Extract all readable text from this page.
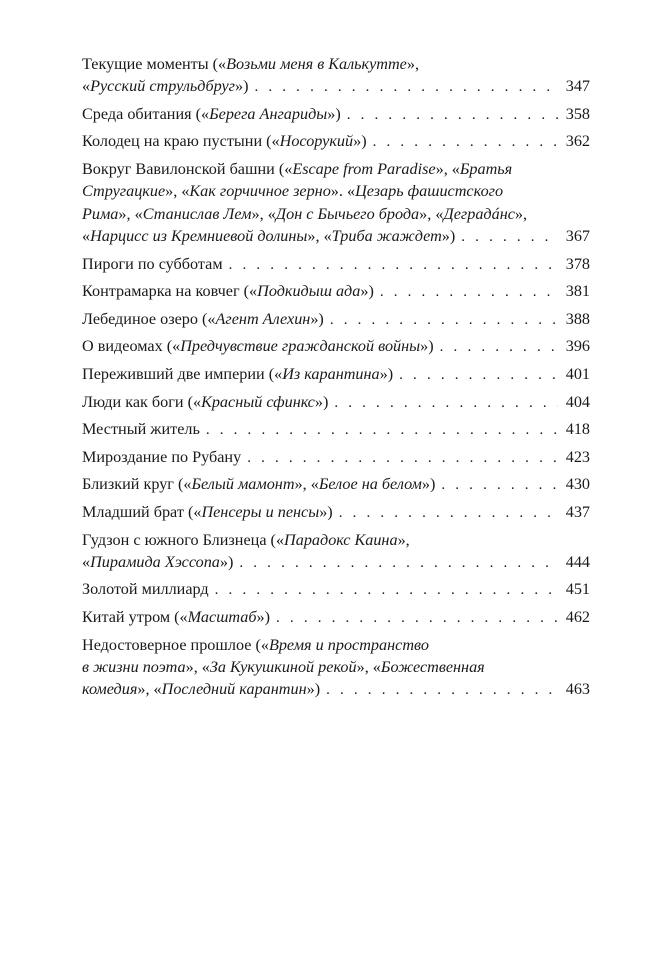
Текущие моменты («Возьми меня в Калькутте»,
«Русский струльдбруг») . . .	347
Среда обитания («Берега Ангариды») . . .	358
Колодец на краю пустыни («Носорукий») . . .	362
Вокруг Вавилонской башни («Escape from Paradise», «Братья
Стругацкие», «Как горчичное зерно». «Цезарь фашистского
Рима», «Станислав Лем», «Дон с Бычьего брода», «Деградáнс»,
«Нарцисс из Кремниевой долины», «Триба жаждет») . . .	367
Пироги по субботам . . .	378
Контрамарка на ковчег («Подкидыш ада») . . .	381
Лебединое озеро («Агент Алехин») . . .	388
О видеомах («Предчувствие гражданской войны») . . .	396
Переживший две империи («Из карантина») . . .	401
Люди как боги («Красный сфинкс») . . .	404
Местный житель . . .	418
Мироздание по Рубану . . .	423
Близкий круг («Белый мамонт», «Белое на белом») . . .	430
Младший брат («Пенсеры и пенсы») . . .	437
Гудзон с южного Близнеца («Парадокс Каина»,
«Пирамида Хэссопа») . . .	444
Золотой миллиард . . .	451
Китай утром («Масштаб») . . .	462
Недостоверное прошлое («Время и пространство
в жизни поэта», «За Кукушкиной рекой», «Божественная
комедия», «Последний карантин») . . .	463
